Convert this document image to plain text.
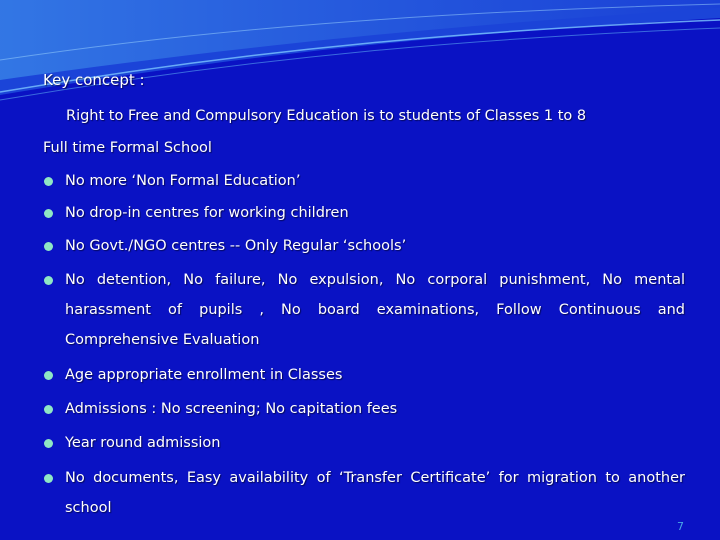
Key concept :
Right to Free and Compulsory Education is to students of Classes 1 to 8
Full time Formal School
No more ‘Non Formal Education’
No drop-in centres for working children
No Govt./NGO centres -- Only Regular ‘schools’
No detention, No failure, No expulsion, No corporal punishment, No mental harassment of pupils , No board examinations, Follow Continuous and Comprehensive Evaluation
Age appropriate enrollment in Classes
Admissions : No screening; No capitation fees
Year round admission
No documents, Easy availability of ‘Transfer Certificate’ for migration to another school
7
